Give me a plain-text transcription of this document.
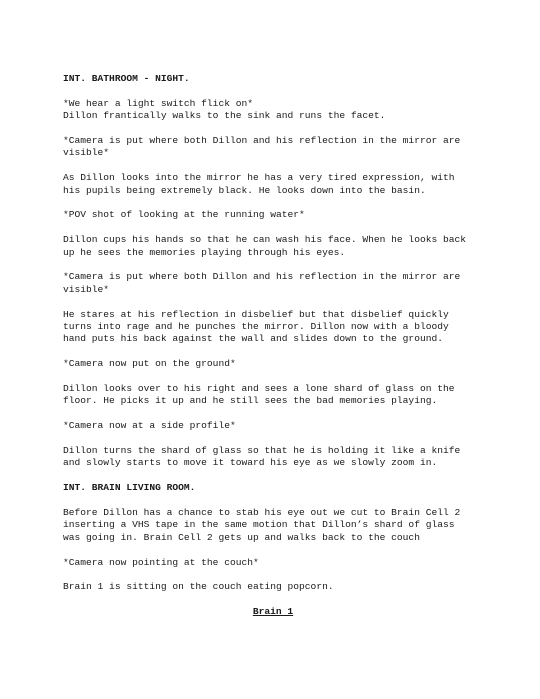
INT. BATHROOM - NIGHT.

*We hear a light switch flick on*
Dillon frantically walks to the sink and runs the facet.

*Camera is put where both Dillon and his reflection in the mirror are
visible*

As Dillon looks into the mirror he has a very tired expression, with
his pupils being extremely black. He looks down into the basin.

*POV shot of looking at the running water*

Dillon cups his hands so that he can wash his face. When he looks back
up he sees the memories playing through his eyes.

*Camera is put where both Dillon and his reflection in the mirror are
visible*

He stares at his reflection in disbelief but that disbelief quickly
turns into rage and he punches the mirror. Dillon now with a bloody
hand puts his back against the wall and slides down to the ground.

*Camera now put on the ground*

Dillon looks over to his right and sees a lone shard of glass on the
floor. He picks it up and he still sees the bad memories playing.

*Camera now at a side profile*

Dillon turns the shard of glass so that he is holding it like a knife
and slowly starts to move it toward his eye as we slowly zoom in.

INT. BRAIN LIVING ROOM.

Before Dillon has a chance to stab his eye out we cut to Brain Cell 2
inserting a VHS tape in the same motion that Dillon’s shard of glass
was going in. Brain Cell 2 gets up and walks back to the couch

*Camera now pointing at the couch*

Brain 1 is sitting on the couch eating popcorn.

Brain 1
